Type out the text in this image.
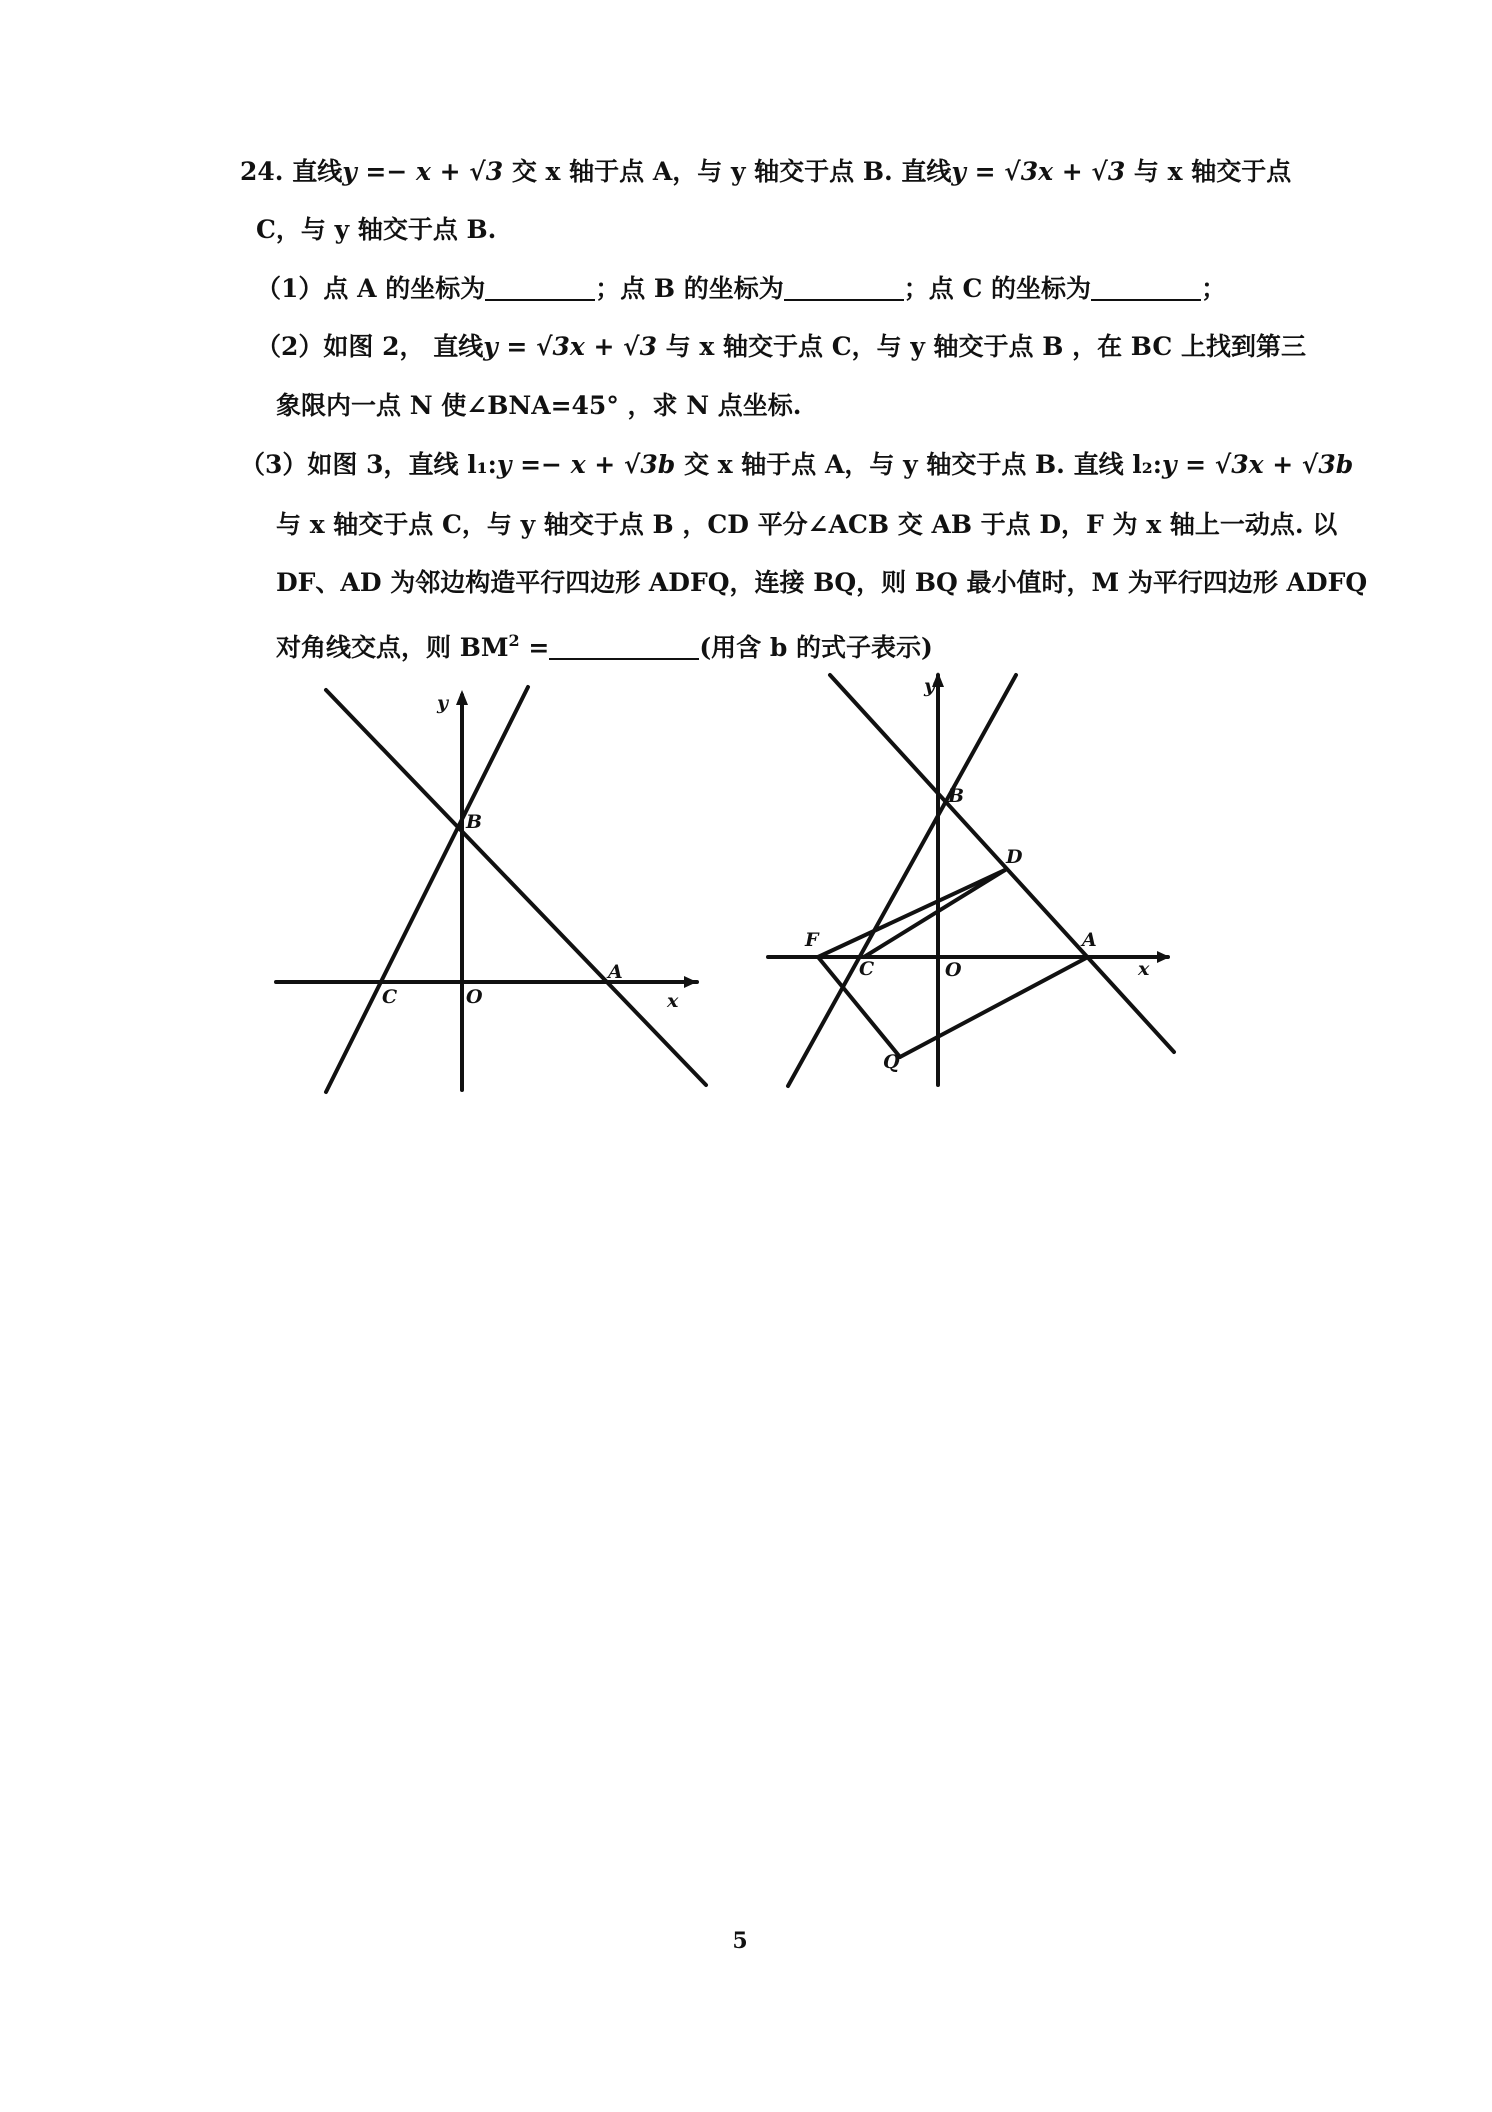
24. 直线y =− x + √3 交 x 轴于点 A，与 y 轴交于点 B. 直线y = √3x + √3 与 x 轴交于点
C，与 y 轴交于点 B.
（1）点 A 的坐标为	；点 B 的坐标为	；点 C 的坐标为	；
（2）如图 2， 直线y = √3x + √3 与 x 轴交于点 C，与 y 轴交于点 B ，在 BC 上找到第三
象限内一点 N 使∠BNA=45° ，求 N 点坐标.
（3）如图 3，直线 l₁:y =− x + √3b 交 x 轴于点 A，与 y 轴交于点 B. 直线 l₂:y = √3x + √3b
与 x 轴交于点 C，与 y 轴交于点 B ，CD 平分∠ACB 交 AB 于点 D，F 为 x 轴上一动点. 以
DF、AD 为邻边构造平行四边形 ADFQ，连接 BQ，则 BQ 最小值时，M 为平行四边形 ADFQ
对角线交点，则 $BM^2$ =	(用含 b 的式子表示)
y
B
A
C	O	x
y
B
D
F	A
C	O	x
Q
5
